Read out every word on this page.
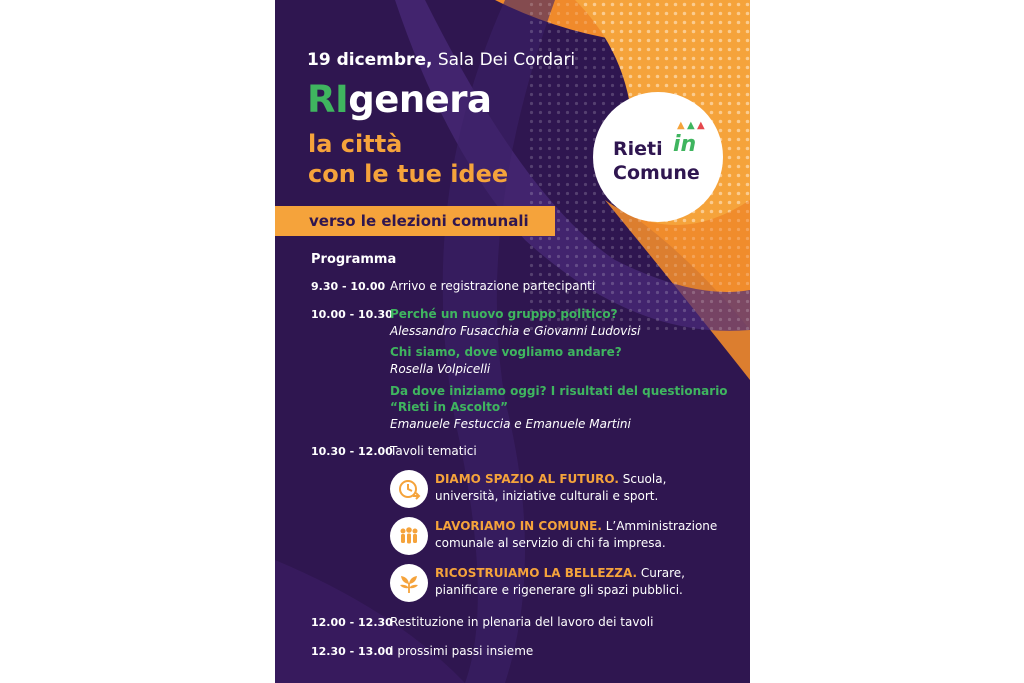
19 dicembre, Sala Dei Cordari
RIgenera
la città
con le tue idee
verso le elezioni comunali
▲ ▲ ▲
Rieti in
Comune
Programma
9.30 - 10.00 Arrivo e registrazione partecipanti
10.00 - 10.30
Perché un nuovo gruppo politico?
Alessandro Fusacchia e Giovanni Ludovisi
Chi siamo, dove vogliamo andare?
Rosella Volpicelli
Da dove iniziamo oggi? I risultati del questionario
“Rieti in Ascolto”
Emanuele Festuccia e Emanuele Martini
10.30 - 12.00
Tavoli tematici
DIAMO SPAZIO AL FUTURO. Scuola,
università, iniziative culturali e sport.
LAVORIAMO IN COMUNE. L’Amministrazione
comunale al servizio di chi fa impresa.
RICOSTRUIAMO LA BELLEZZA. Curare,
pianificare e rigenerare gli spazi pubblici.
12.00 - 12.30
Restituzione in plenaria del lavoro dei tavoli
12.30 - 13.00
I prossimi passi insieme
